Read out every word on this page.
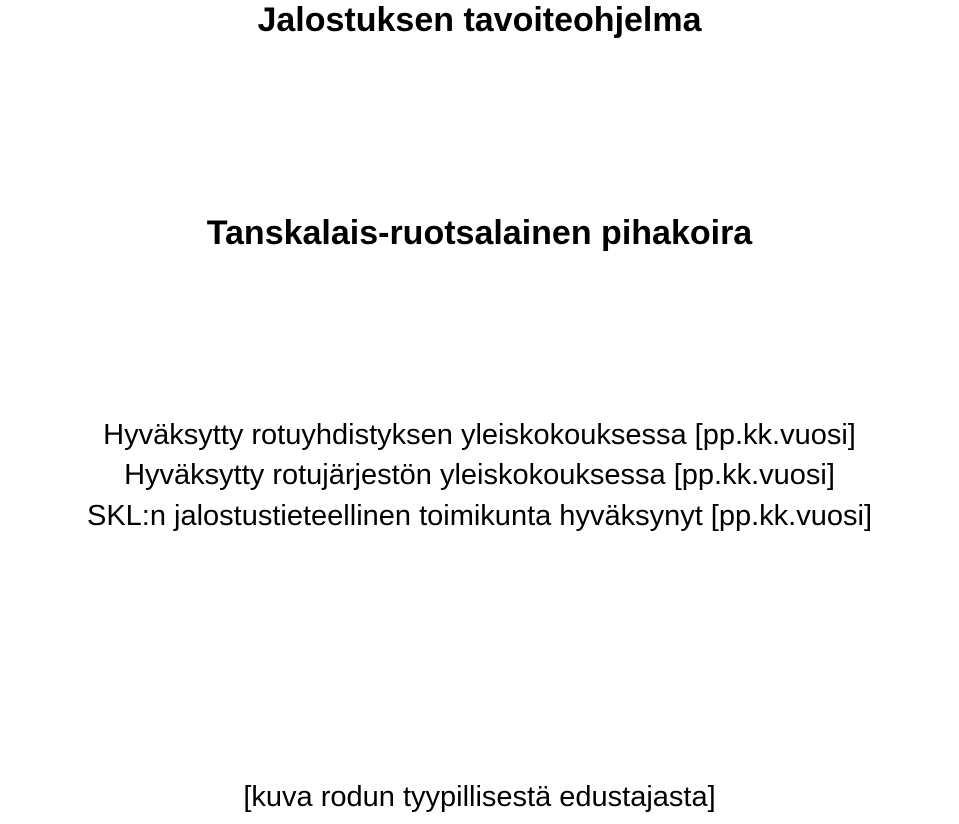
Jalostuksen tavoiteohjelma
Tanskalais-ruotsalainen pihakoira

Hyväksytty rotuyhdistyksen yleiskokouksessa [pp.kk.vuosi]

Hyväksytty rotujärjestön yleiskokouksessa [pp.kk.vuosi]

SKL:n jalostustieteellinen toimikunta hyväksynyt [pp.kk.vuosi]

[kuva rodun tyypillisestä edustajasta]
